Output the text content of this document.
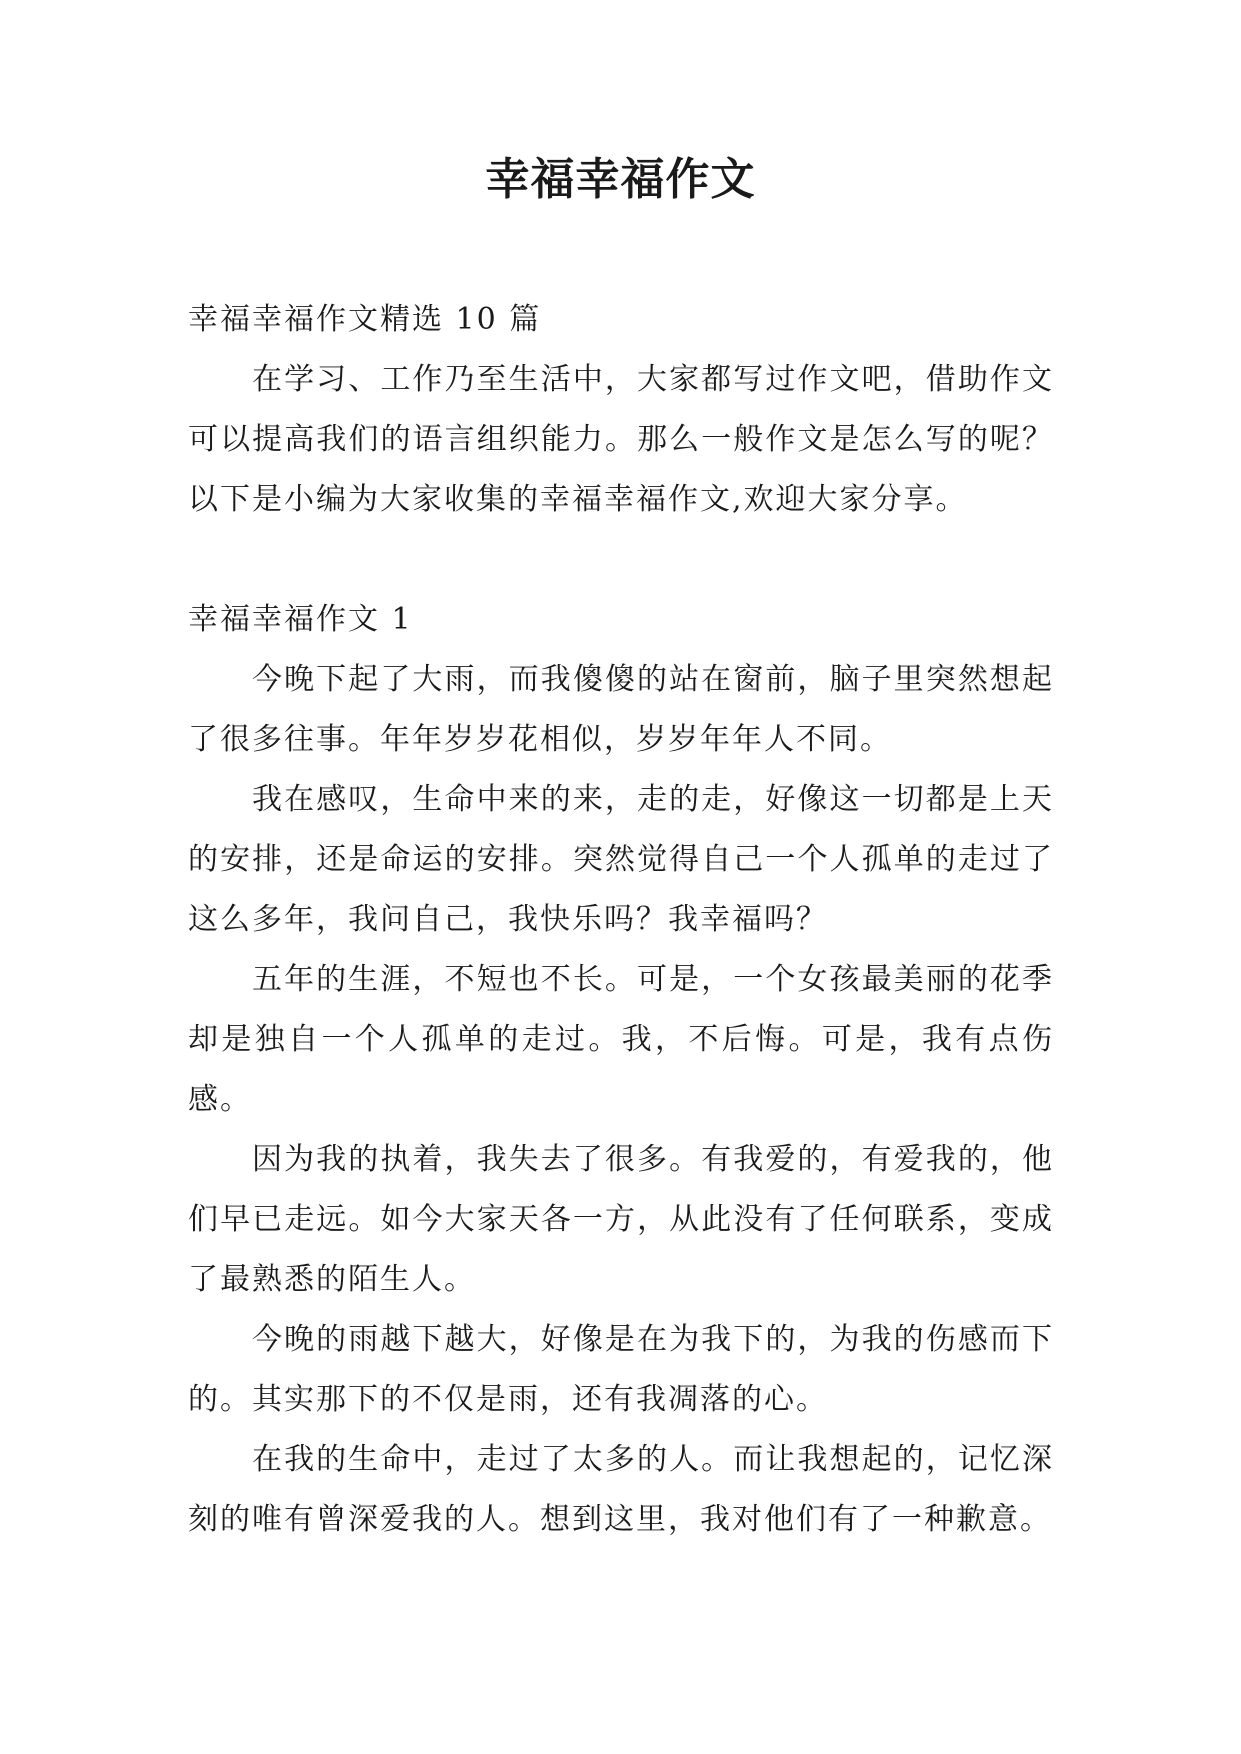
幸福幸福作文

幸福幸福作文精选 10 篇

在学习、工作乃至生活中，大家都写过作文吧，借助作文可以提高我们的语言组织能力。那么一般作文是怎么写的呢？以下是小编为大家收集的幸福幸福作文,欢迎大家分享。

幸福幸福作文 1

今晚下起了大雨，而我傻傻的站在窗前，脑子里突然想起了很多往事。年年岁岁花相似，岁岁年年人不同。

我在感叹，生命中来的来，走的走，好像这一切都是上天的安排，还是命运的安排。突然觉得自己一个人孤单的走过了这么多年，我问自己，我快乐吗？我幸福吗？

五年的生涯，不短也不长。可是，一个女孩最美丽的花季却是独自一个人孤单的走过。我，不后悔。可是，我有点伤感。

因为我的执着，我失去了很多。有我爱的，有爱我的，他们早已走远。如今大家天各一方，从此没有了任何联系，变成了最熟悉的陌生人。

今晚的雨越下越大，好像是在为我下的，为我的伤感而下的。其实那下的不仅是雨，还有我凋落的心。

在我的生命中，走过了太多的人。而让我想起的，记忆深刻的唯有曾深爱我的人。想到这里，我对他们有了一种歉意。
